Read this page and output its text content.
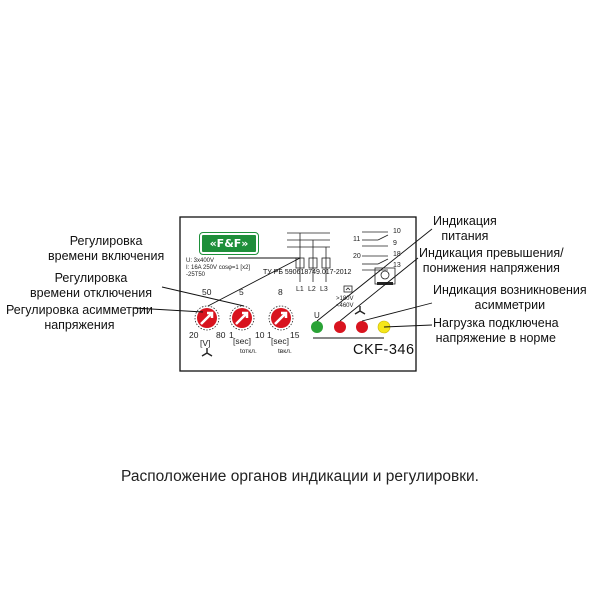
«F&F»
U: 3x400V
I: 16A 250V cosφ=1 [x2]
-25T50	ТУ РБ 590618749.017-2012
CKF-346
L1 L2 L3
10
11
9
20	18
13
>180V
<460V
U
50
20 80
[V]
5
1	10
[sec]
tоткл.
8
1 15
[sec]
tвкл.
Регулировка
времени включения
Регулировка
времени отключения
Регулировка асимметрии
напряжения
Индикация
питания
Индикация превышения/
понижения напряжения
Индикация возникновения
асимметрии
Нагрузка подключена
напряжение в норме
Расположение органов индикации и регулировки.
